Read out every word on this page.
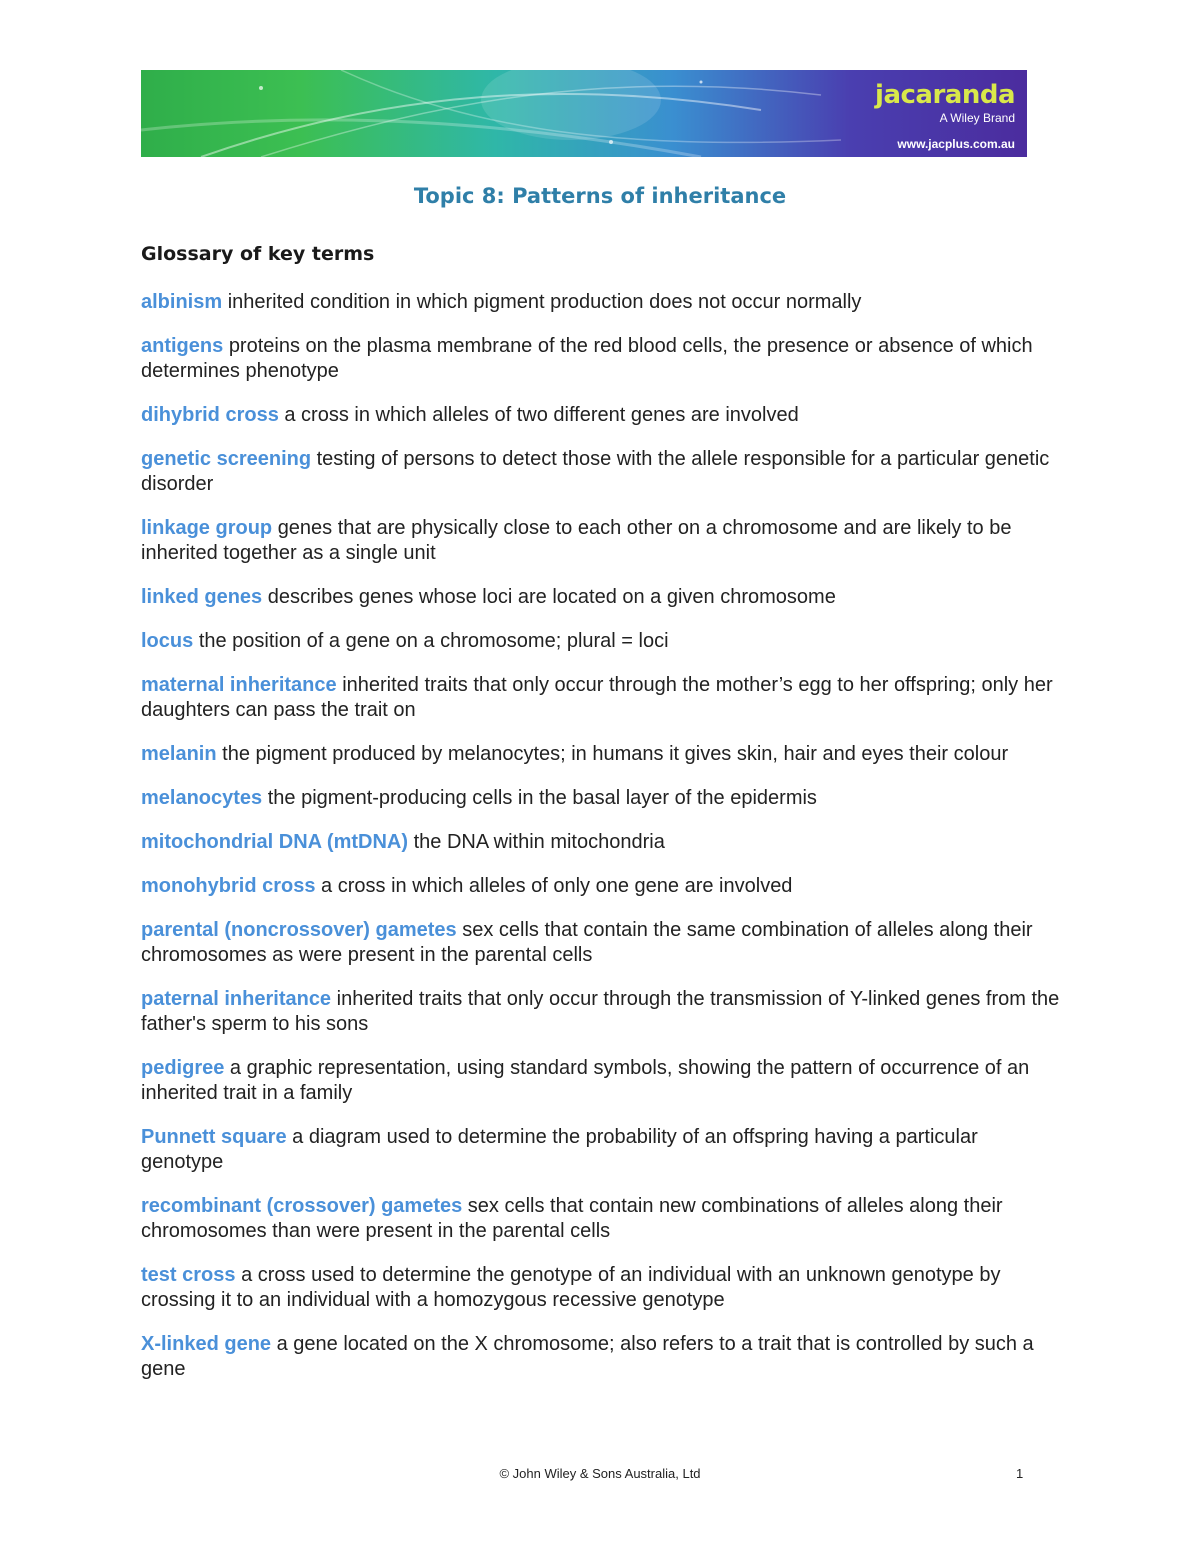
jacaranda
A Wiley Brand
www.jacplus.com.au
Topic 8: Patterns of inheritance
Glossary of key terms
albinism inherited condition in which pigment production does not occur normally
antigens proteins on the plasma membrane of the red blood cells, the presence or absence of which determines phenotype
dihybrid cross a cross in which alleles of two different genes are involved
genetic screening testing of persons to detect those with the allele responsible for a particular genetic disorder
linkage group genes that are physically close to each other on a chromosome and are likely to be inherited together as a single unit
linked genes describes genes whose loci are located on a given chromosome
locus the position of a gene on a chromosome; plural = loci
maternal inheritance inherited traits that only occur through the mother’s egg to her offspring; only her daughters can pass the trait on
melanin the pigment produced by melanocytes; in humans it gives skin, hair and eyes their colour
melanocytes the pigment-producing cells in the basal layer of the epidermis
mitochondrial DNA (mtDNA) the DNA within mitochondria
monohybrid cross a cross in which alleles of only one gene are involved
parental (noncrossover) gametes sex cells that contain the same combination of alleles along their chromosomes as were present in the parental cells
paternal inheritance inherited traits that only occur through the transmission of Y-linked genes from the father's sperm to his sons
pedigree a graphic representation, using standard symbols, showing the pattern of occurrence of an inherited trait in a family
Punnett square a diagram used to determine the probability of an offspring having a particular genotype
recombinant (crossover) gametes sex cells that contain new combinations of alleles along their chromosomes than were present in the parental cells
test cross a cross used to determine the genotype of an individual with an unknown genotype by crossing it to an individual with a homozygous recessive genotype
X-linked gene a gene located on the X chromosome; also refers to a trait that is controlled by such a gene
© John Wiley & Sons Australia, Ltd	1
